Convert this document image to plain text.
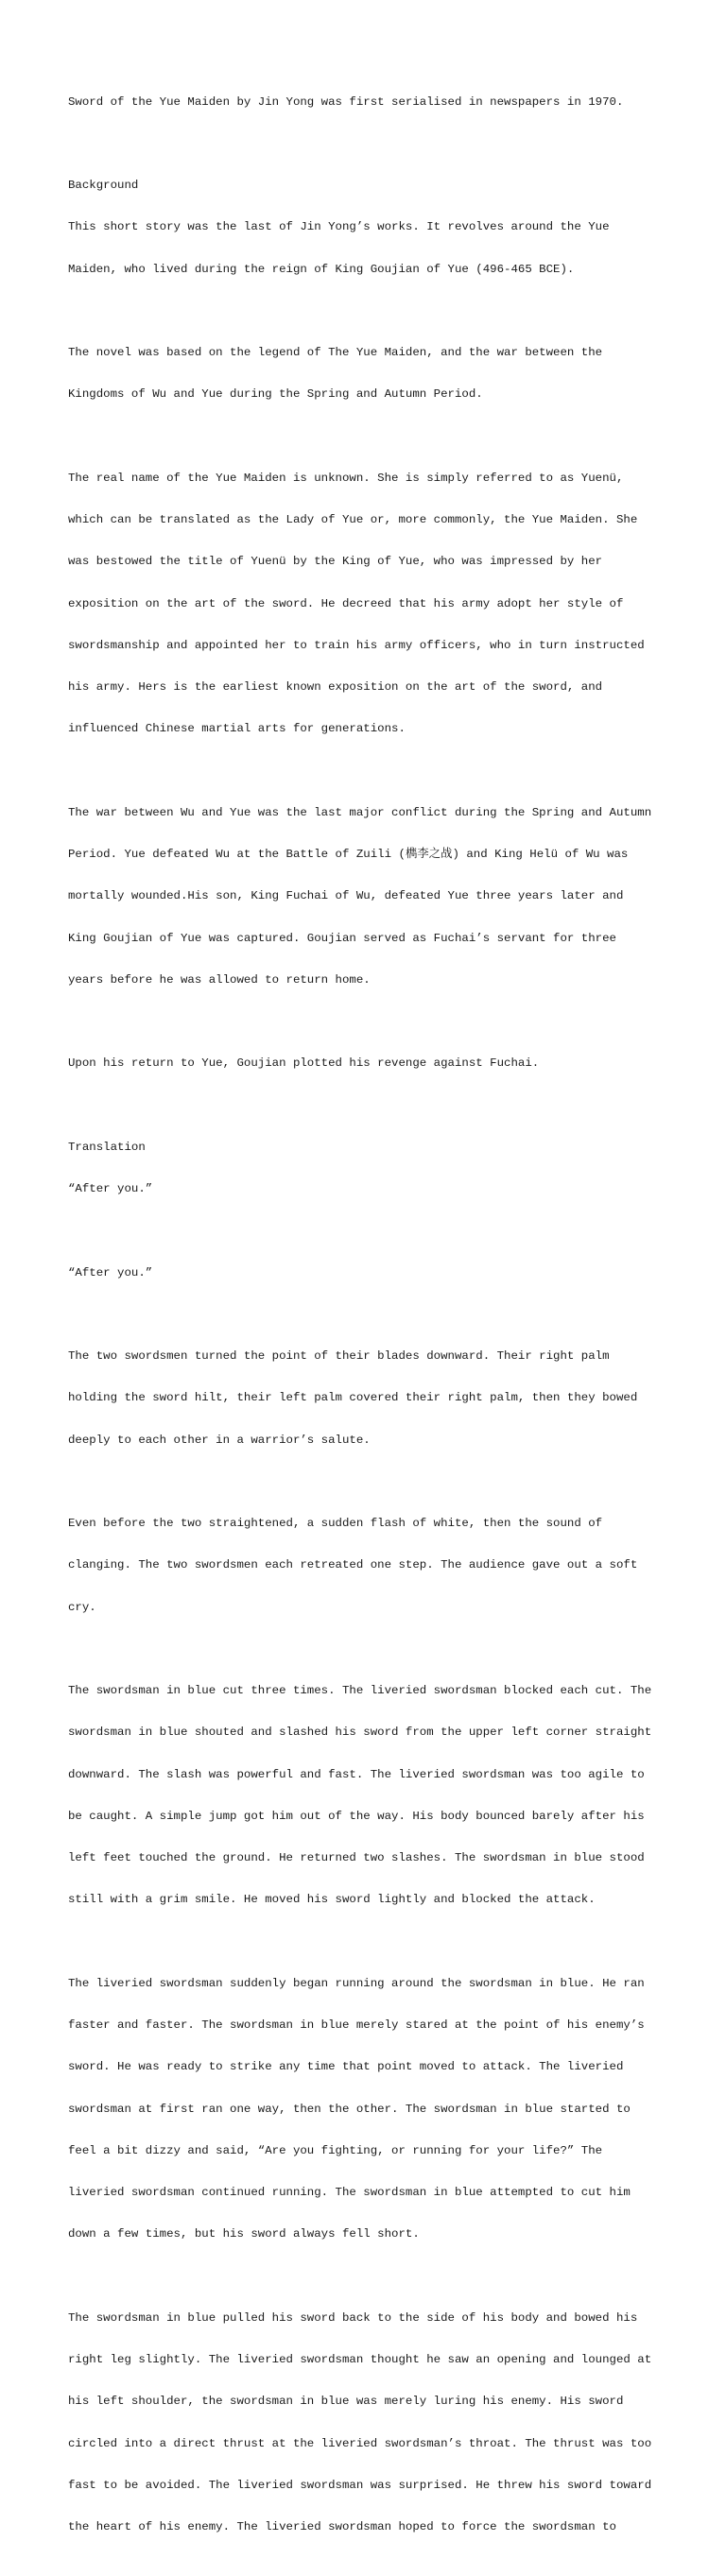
Sword of the Yue Maiden by Jin Yong was first serialised in newspapers in 1970.

Background

This short story was the last of Jin Yong’s works. It revolves around the Yue

Maiden, who lived during the reign of King Goujian of Yue (496-465 BCE).

The novel was based on the legend of The Yue Maiden, and the war between the

Kingdoms of Wu and Yue during the Spring and Autumn Period.

The real name of the Yue Maiden is unknown. She is simply referred to as Yuenü,

which can be translated as the Lady of Yue or, more commonly, the Yue Maiden. She

was bestowed the title of Yuenü by the King of Yue, who was impressed by her

exposition on the art of the sword. He decreed that his army adopt her style of

swordsmanship and appointed her to train his army officers, who in turn instructed

his army. Hers is the earliest known exposition on the art of the sword, and

influenced Chinese martial arts for generations.

The war between Wu and Yue was the last major conflict during the Spring and Autumn

Period. Yue defeated Wu at the Battle of Zuili (檇李之战) and King Helü of Wu was

mortally wounded.His son, King Fuchai of Wu, defeated Yue three years later and

King Goujian of Yue was captured. Goujian served as Fuchai’s servant for three

years before he was allowed to return home.

Upon his return to Yue, Goujian plotted his revenge against Fuchai.

Translation

“After you.”

“After you.”

The two swordsmen turned the point of their blades downward. Their right palm

holding the sword hilt, their left palm covered their right palm, then they bowed

deeply to each other in a warrior’s salute.

Even before the two straightened, a sudden flash of white, then the sound of

clanging. The two swordsmen each retreated one step. The audience gave out a soft

cry.

The swordsman in blue cut three times. The liveried swordsman blocked each cut. The

swordsman in blue shouted and slashed his sword from the upper left corner straight

downward. The slash was powerful and fast. The liveried swordsman was too agile to

be caught. A simple jump got him out of the way. His body bounced barely after his

left feet touched the ground. He returned two slashes. The swordsman in blue stood

still with a grim smile. He moved his sword lightly and blocked the attack.

The liveried swordsman suddenly began running around the swordsman in blue. He ran

faster and faster. The swordsman in blue merely stared at the point of his enemy’s

sword. He was ready to strike any time that point moved to attack. The liveried

swordsman at first ran one way, then the other. The swordsman in blue started to

feel a bit dizzy and said, “Are you fighting, or running for your life?” The

liveried swordsman continued running. The swordsman in blue attempted to cut him

down a few times, but his sword always fell short.

The swordsman in blue pulled his sword back to the side of his body and bowed his

right leg slightly. The liveried swordsman thought he saw an opening and lounged at

his left shoulder, the swordsman in blue was merely luring his enemy. His sword

circled into a direct thrust at the liveried swordsman’s throat. The thrust was too

fast to be avoided. The liveried swordsman was surprised. He threw his sword toward

the heart of his enemy. The liveried swordsman hoped to force the swordsman to
